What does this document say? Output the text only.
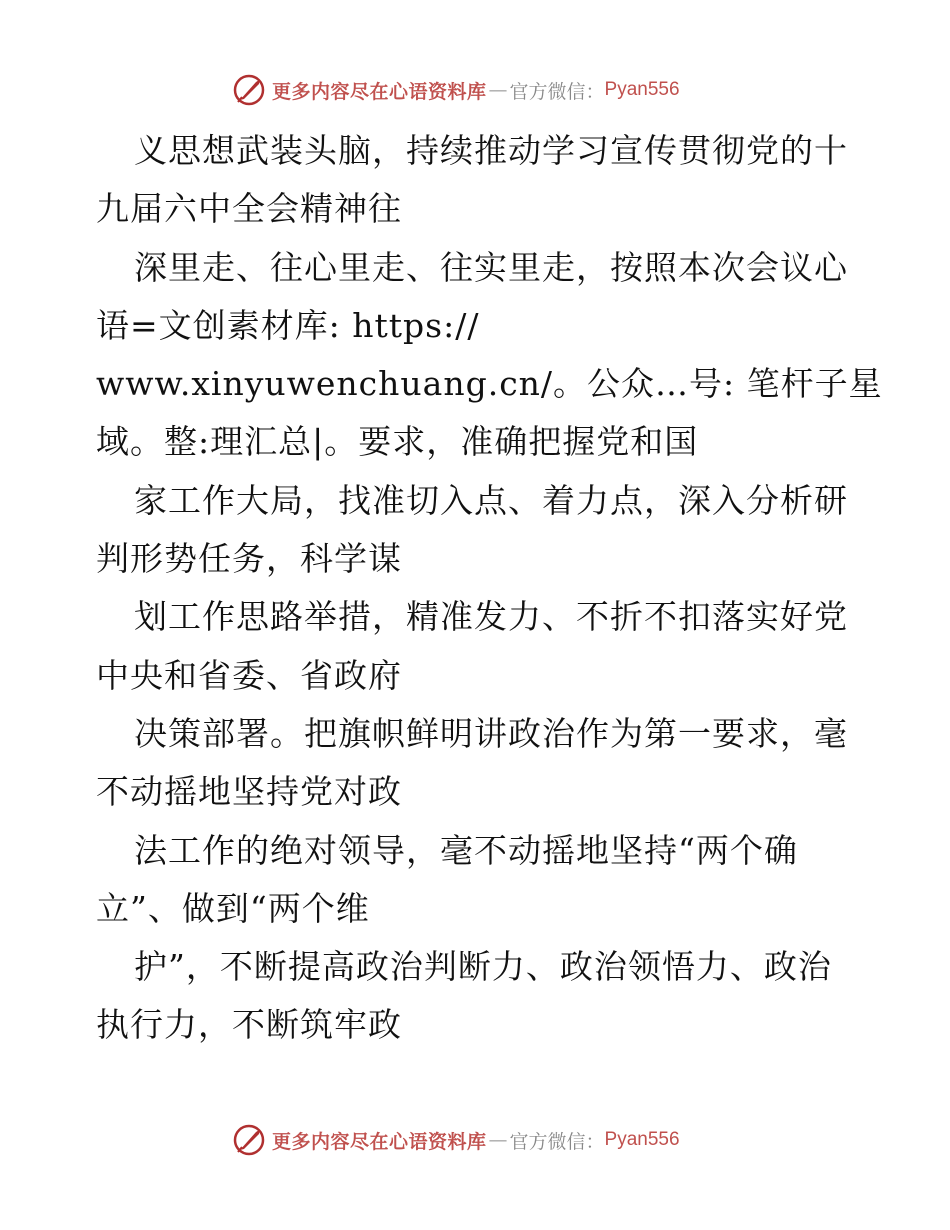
更多内容尽在心语资料库 — 官方微信： Pyan556
义思想武装头脑，持续推动学习宣传贯彻党的十
九届六中全会精神往
深里走、往心里走、往实里走，按照本次会议心
语=文创素材库: https://
www.xinyuwenchuang.cn/。公众…号: 笔杆子星
域。整:理汇总|。要求，准确把握党和国
家工作大局，找准切入点、着力点，深入分析研
判形势任务，科学谋
划工作思路举措，精准发力、不折不扣落实好党
中央和省委、省政府
决策部署。把旗帜鲜明讲政治作为第一要求，毫
不动摇地坚持党对政
法工作的绝对领导，毫不动摇地坚持“两个确
立”、做到“两个维
护”，不断提高政治判断力、政治领悟力、政治
执行力，不断筑牢政
更多内容尽在心语资料库 — 官方微信： Pyan556
